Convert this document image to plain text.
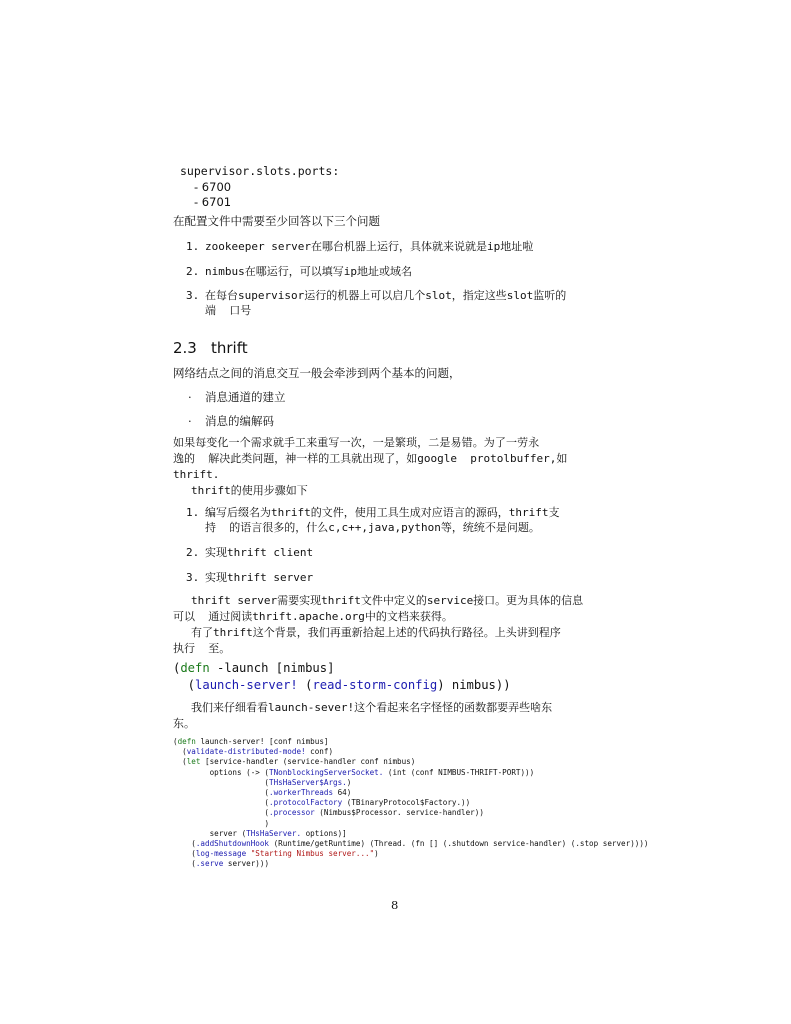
supervisor.slots.ports:
- 6700
- 6701
在配置文件中需要至少回答以下三个问题
1. zookeeper server在哪台机器上运行，具体就来说就是ip地址啦
2. nimbus在哪运行，可以填写ip地址或域名
3. 在每台supervisor运行的机器上可以启几个slot，指定这些slot监听的
端  口号
2.3 thrift
网络结点之间的消息交互一般会牵涉到两个基本的问题，
· 消息通道的建立
· 消息的编解码
如果每变化一个需求就手工来重写一次，一是繁琐，二是易错。为了一劳永
逸的  解决此类问题，神一样的工具就出现了，如google  protolbuffer,如
thrift.
thrift的使用步骤如下
1. 编写后缀名为thrift的文件，使用工具生成对应语言的源码，thrift支
持  的语言很多的，什么c,c++,java,python等，统统不是问题。
2. 实现thrift client
3. 实现thrift server
thrift server需要实现thrift文件中定义的service接口。更为具体的信息
可以  通过阅读thrift.apache.org中的文档来获得。
有了thrift这个背景，我们再重新拾起上述的代码执行路径。上头讲到程序
执行  至。
(defn -launch [nimbus]
(launch-server! (read-storm-config) nimbus))
我们来仔细看看launch-sever!这个看起来名字怪怪的函数都要弄些啥东
东。
(defn launch-server! [conf nimbus]
(validate-distributed-mode! conf)
(let [service-handler (service-handler conf nimbus)
options (-> (TNonblockingServerSocket. (int (conf NIMBUS-THRIFT-PORT)))
(THsHaServer$Args.)
(.workerThreads 64)
(.protocolFactory (TBinaryProtocol$Factory.))
(.processor (Nimbus$Processor. service-handler))
)
server (THsHaServer. options)]
(.addShutdownHook (Runtime/getRuntime) (Thread. (fn [] (.shutdown service-handler) (.stop server))))
(log-message "Starting Nimbus server...")
(.serve server)))
8
